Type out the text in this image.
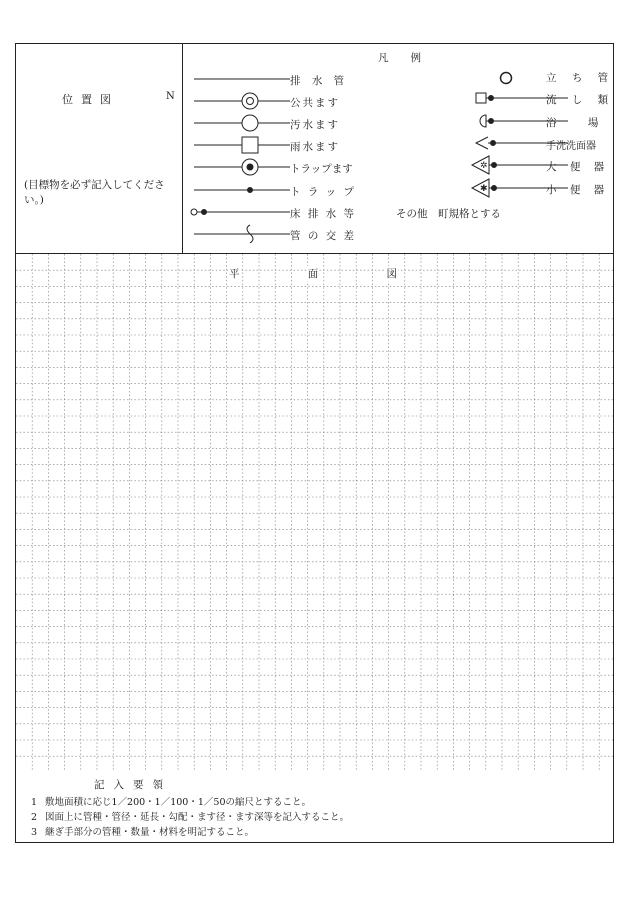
位置図	N
(目標物を必ず記入してください。)
凡例
✲
✱
排 水 管
公共ます
汚水ます
雨水ます
トラップます
ト ラ ッ プ
床 排 水 等
管 の 交 差
立 ち 管
流 し 類
浴 場
手洗洗面器
大 便 器
小 便 器
その他　町規格とする
平	面	図
記入要領
1 敷地面積に応じ1／200・1／100・1／50の縮尺とすること。
2 図面上に管種・管径・延長・勾配・ます径・ます深等を記入すること。
3 継ぎ手部分の管種・数量・材料を明記すること。
